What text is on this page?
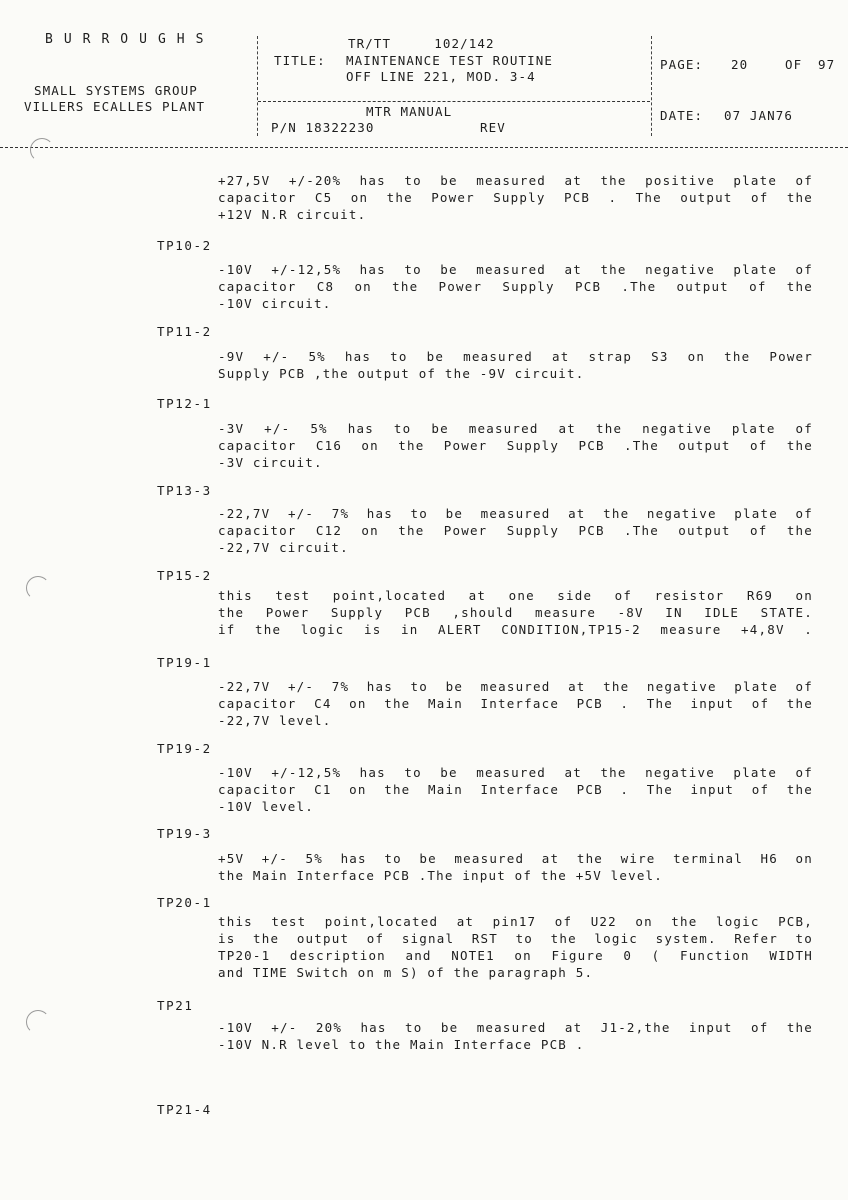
BURROUGHS
SMALL SYSTEMS GROUP
VILLERS ECALLES PLANT
TR/TT     102/142
TITLE: MAINTENANCE TEST ROUTINE
OFF LINE 221, MOD. 3-4
MTR MANUAL
P/N 18322230	REV
PAGE: 20	OF 97
DATE: 07 JAN76
+27,5V +/-20% has to be measured at the positive plate of
capacitor C5 on the Power Supply PCB . The output of the
+12V N.R circuit.
TP10-2
-10V +/-12,5% has to be measured at the negative plate of
capacitor C8 on the Power Supply PCB .The output of the
-10V circuit.
TP11-2
-9V +/- 5% has to be measured at strap S3 on the Power
Supply PCB ,the output of the -9V circuit.
TP12-1
-3V +/- 5% has to be measured at the negative plate of
capacitor C16 on the Power Supply PCB .The output of the
-3V circuit.
TP13-3
-22,7V +/- 7% has to be measured at the negative plate of
capacitor C12 on the Power Supply PCB .The output of the
-22,7V circuit.
TP15-2
this test point,located at one side of resistor R69 on
the Power Supply PCB ,should measure -8V IN IDLE STATE.
if the logic is in ALERT CONDITION,TP15-2 measure +4,8V .
TP19-1
-22,7V +/- 7% has to be measured at the negative plate of
capacitor C4 on the Main Interface PCB . The input of the
-22,7V level.
TP19-2
-10V +/-12,5% has to be measured at the negative plate of
capacitor C1 on the Main Interface PCB . The input of the
-10V level.
TP19-3
+5V +/- 5% has to be measured at the wire terminal H6 on
the Main Interface PCB .The input of the +5V level.
TP20-1
this test point,located at pin17 of U22 on the logic PCB,
is the output of signal RST to the logic system. Refer to
TP20-1 description and NOTE1 on Figure 0 ( Function WIDTH
and TIME Switch on m S) of the paragraph 5.
TP21
-10V +/- 20% has to be measured at J1-2,the input of the
-10V N.R level to the Main Interface PCB .
TP21-4
